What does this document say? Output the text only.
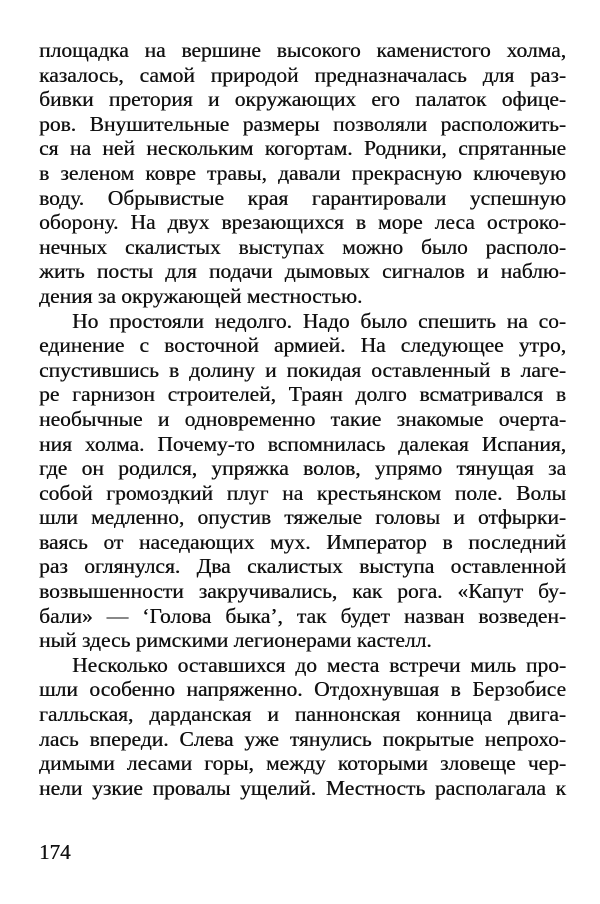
площадка на вершине высокого каменистого холма,
казалось, самой природой предназначалась для раз-
бивки претория и окружающих его палаток офице-
ров. Внушительные размеры позволяли расположить-
ся на ней нескольким когортам. Родники, спрятанные
в зеленом ковре травы, давали прекрасную ключевую
воду. Обрывистые края гарантировали успешную
оборону. На двух врезающихся в море леса остроко-
нечных скалистых выступах можно было располо-
жить посты для подачи дымовых сигналов и наблю-
дения за окружающей местностью.
Но простояли недолго. Надо было спешить на со-
единение с восточной армией. На следующее утро,
спустившись в долину и покидая оставленный в лаге-
ре гарнизон строителей, Траян долго всматривался в
необычные и одновременно такие знакомые очерта-
ния холма. Почему-то вспомнилась далекая Испания,
где он родился, упряжка волов, упрямо тянущая за
собой громоздкий плуг на крестьянском поле. Волы
шли медленно, опустив тяжелые головы и отфырки-
ваясь от наседающих мух. Император в последний
раз оглянулся. Два скалистых выступа оставленной
возвышенности закручивались, как рога. «Капут бу-
бали» — ‘Голова быка’, так будет назван возведен-
ный здесь римскими легионерами кастелл.
Несколько оставшихся до места встречи миль про-
шли особенно напряженно. Отдохнувшая в Берзобисе
галльская, дарданская и паннонская конница двига-
лась впереди. Слева уже тянулись покрытые непрохо-
димыми лесами горы, между которыми зловеще чер-
нели узкие провалы ущелий. Местность располагала к
174
